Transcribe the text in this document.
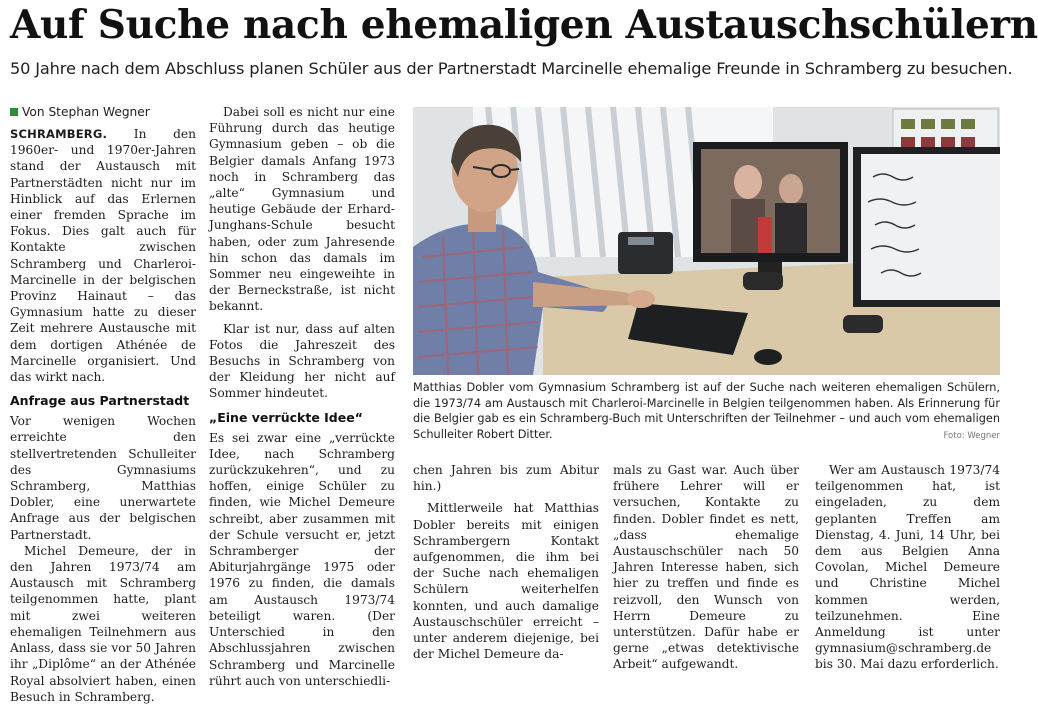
Auf Suche nach ehemaligen Austauschschülern
50 Jahre nach dem Abschluss planen Schüler aus der Partnerstadt Marcinelle ehemalige Freunde in Schramberg zu besuchen.
Von Stephan Wegner

SCHRAMBERG. In den 1960er- und 1970er-Jahren stand der Austausch mit Partnerstädten nicht nur im Hinblick auf das Erlernen einer fremden Sprache im Fokus. Dies galt auch für Kontakte zwischen Schramberg und Charleroi-Marcinelle in der belgischen Provinz Hainaut – das Gymnasium hatte zu dieser Zeit mehrere Austausche mit dem dortigen Athénée de Marcinelle organisiert. Und das wirkt nach.

Anfrage aus Partnerstadt

Vor wenigen Wochen erreichte den stellvertretenden Schulleiter des Gymnasiums Schramberg, Matthias Dobler, eine unerwartete Anfrage aus der belgischen Partnerstadt.

Michel Demeure, der in den Jahren 1973/74 am Austausch mit Schramberg teilgenommen hatte, plant mit zwei weiteren ehemaligen Teilnehmern aus Anlass, dass sie vor 50 Jahren ihr „Diplôme“ an der Athénée Royal absolviert haben, einen Besuch in Schramberg.

Dabei soll es nicht nur eine Führung durch das heutige Gymnasium geben – ob die Belgier damals Anfang 1973 noch in Schramberg das „alte“ Gymnasium und heutige Gebäude der Erhard-Junghans-Schule besucht haben, oder zum Jahresende hin schon das damals im Sommer neu eingeweihte in der Berneckstraße, ist nicht bekannt.

Klar ist nur, dass auf alten Fotos die Jahreszeit des Besuchs in Schramberg von der Kleidung her nicht auf Sommer hindeutet.

„Eine verrückte Idee“

Es sei zwar eine „verrückte Idee, nach Schramberg zurückzukehren“, und zu hoffen, einige Schüler zu finden, wie Michel Demeure schreibt, aber zusammen mit der Schule versucht er, jetzt Schramberger der Abiturjahrgänge 1975 oder 1976 zu finden, die damals am Austausch 1973/74 beteiligt waren. (Der Unterschied in den Abschlussjahren zwischen Schramberg und Marcinelle rührt auch von unterschiedli-

Matthias Dobler vom Gymnasium Schramberg ist auf der Suche nach weiteren ehemaligen Schülern, die 1973/74 am Austausch mit Charleroi-Marcinelle in Belgien teilgenommen haben. Als Erinnerung für die Belgier gab es ein Schramberg-Buch mit Unterschriften der Teilnehmer – und auch vom ehemaligen Schulleiter Robert Ditter.	Foto: Wegner

chen Jahren bis zum Abitur hin.)

Mittlerweile hat Matthias Dobler bereits mit einigen Schrambergern Kontakt aufgenommen, die ihm bei der Suche nach ehemaligen Schülern weiterhelfen konnten, und auch damalige Austauschschüler erreicht – unter anderem diejenige, bei der Michel Demeure da-

mals zu Gast war. Auch über frühere Lehrer will er versuchen, Kontakte zu finden. Dobler findet es nett, „dass ehemalige Austauschschüler nach 50 Jahren Interesse haben, sich hier zu treffen und finde es reizvoll, den Wunsch von Herrn Demeure zu unterstützen. Dafür habe er gerne „etwas detektivische Arbeit“ aufgewandt.

Wer am Austausch 1973/74 teilgenommen hat, ist eingeladen, zu dem geplanten Treffen am Dienstag, 4. Juni, 14 Uhr, bei dem aus Belgien Anna Covolan, Michel Demeure und Christine Michel kommen werden, teilzunehmen. Eine Anmeldung ist unter gymnasium@schramberg.de bis 30. Mai dazu erforderlich.
